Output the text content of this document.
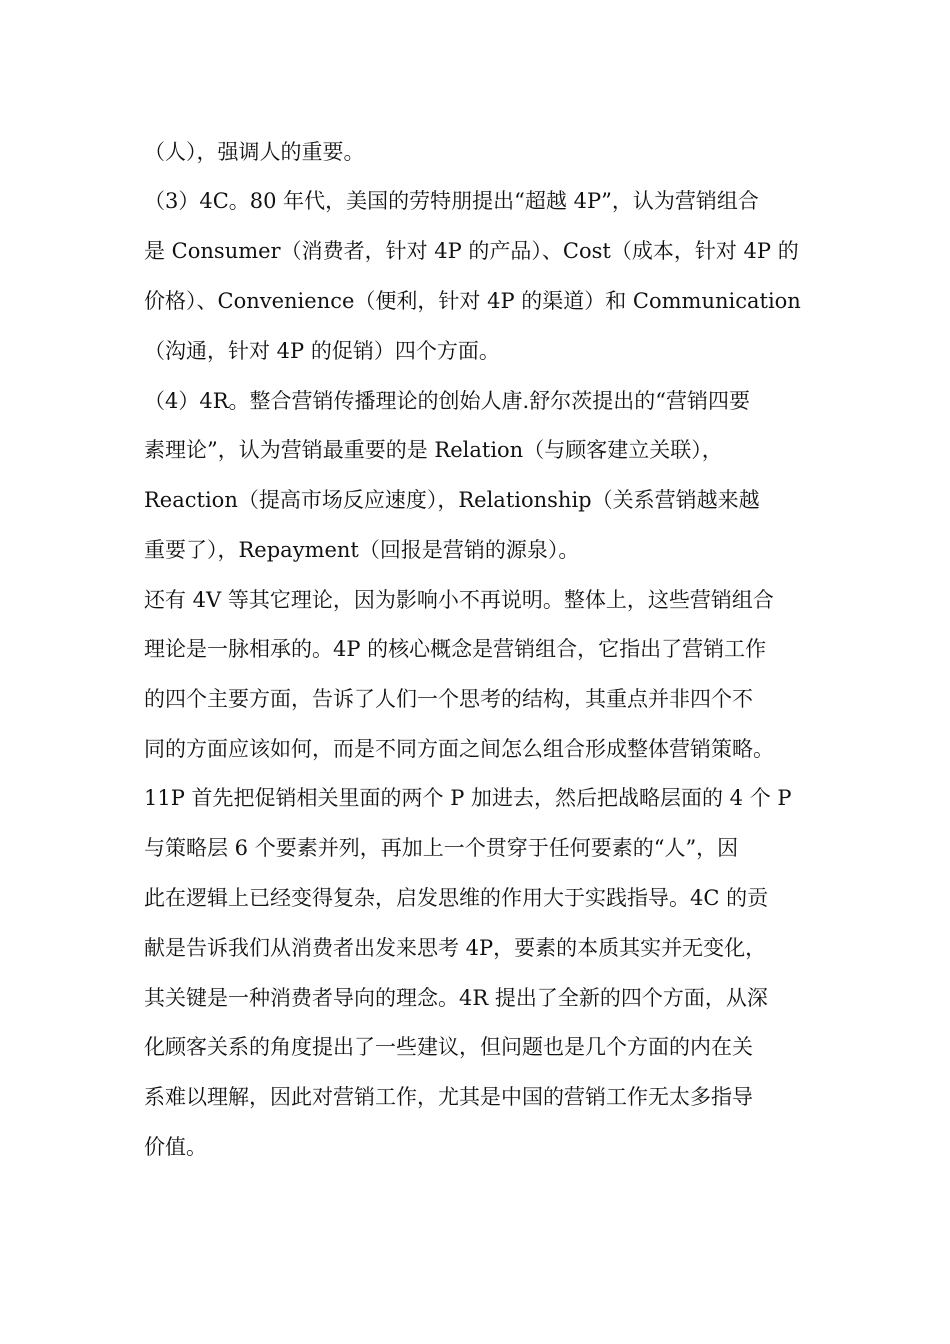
（人），强调人的重要。
（3）4C。80 年代，美国的劳特朋提出“超越 4P”，认为营销组合
是 Consumer（消费者，针对 4P 的产品）、Cost（成本，针对 4P 的
价格）、Convenience（便利，针对 4P 的渠道）和 Communication
（沟通，针对 4P 的促销）四个方面。
（4）4R。整合营销传播理论的创始人唐.舒尔茨提出的“营销四要
素理论”，认为营销最重要的是 Relation（与顾客建立关联），
Reaction（提高市场反应速度），Relationship（关系营销越来越
重要了），Repayment（回报是营销的源泉）。
还有 4V 等其它理论，因为影响小不再说明。整体上，这些营销组合
理论是一脉相承的。4P 的核心概念是营销组合，它指出了营销工作
的四个主要方面，告诉了人们一个思考的结构，其重点并非四个不
同的方面应该如何，而是不同方面之间怎么组合形成整体营销策略。
11P 首先把促销相关里面的两个 P 加进去，然后把战略层面的 4 个 P
与策略层 6 个要素并列，再加上一个贯穿于任何要素的“人”，因
此在逻辑上已经变得复杂，启发思维的作用大于实践指导。4C 的贡
献是告诉我们从消费者出发来思考 4P，要素的本质其实并无变化，
其关键是一种消费者导向的理念。4R 提出了全新的四个方面，从深
化顾客关系的角度提出了一些建议，但问题也是几个方面的内在关
系难以理解，因此对营销工作，尤其是中国的营销工作无太多指导
价值。
